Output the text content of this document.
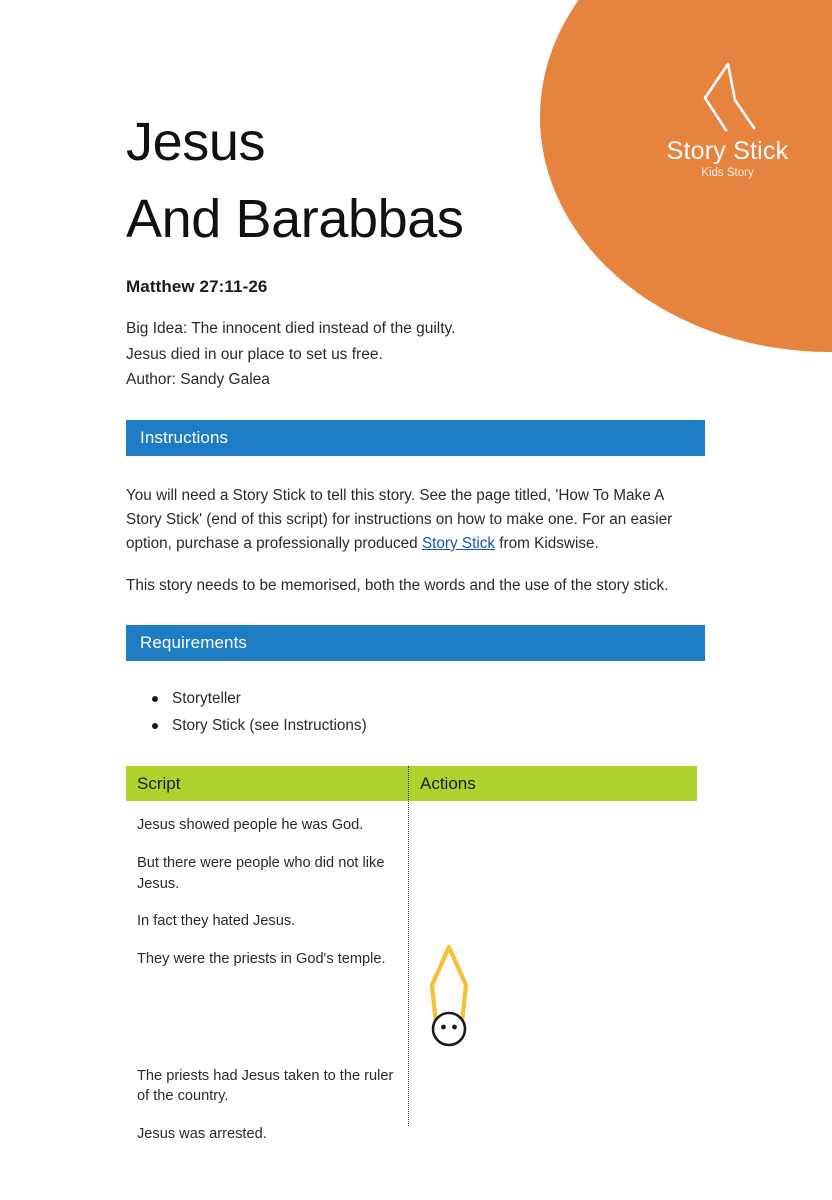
Story Stick
Kids Story
Jesus
And Barabbas
Matthew 27:11-26
Big Idea: The innocent died instead of the guilty.
Jesus died in our place to set us free.
Author: Sandy Galea
Instructions

You will need a Story Stick to tell this story. See the page titled, 'How To Make A Story Stick' (end of this script) for instructions on how to make one. For an easier option, purchase a professionally produced Story Stick from Kidswise.

This story needs to be memorised, both the words and the use of the story stick.

Requirements
Storyteller
Story Stick (see Instructions)
Script	Actions
Jesus showed people he was God.
But there were people who did not like Jesus.
In fact they hated Jesus.
They were the priests in God's temple.
The priests had Jesus taken to the ruler of the country.
Jesus was arrested.
